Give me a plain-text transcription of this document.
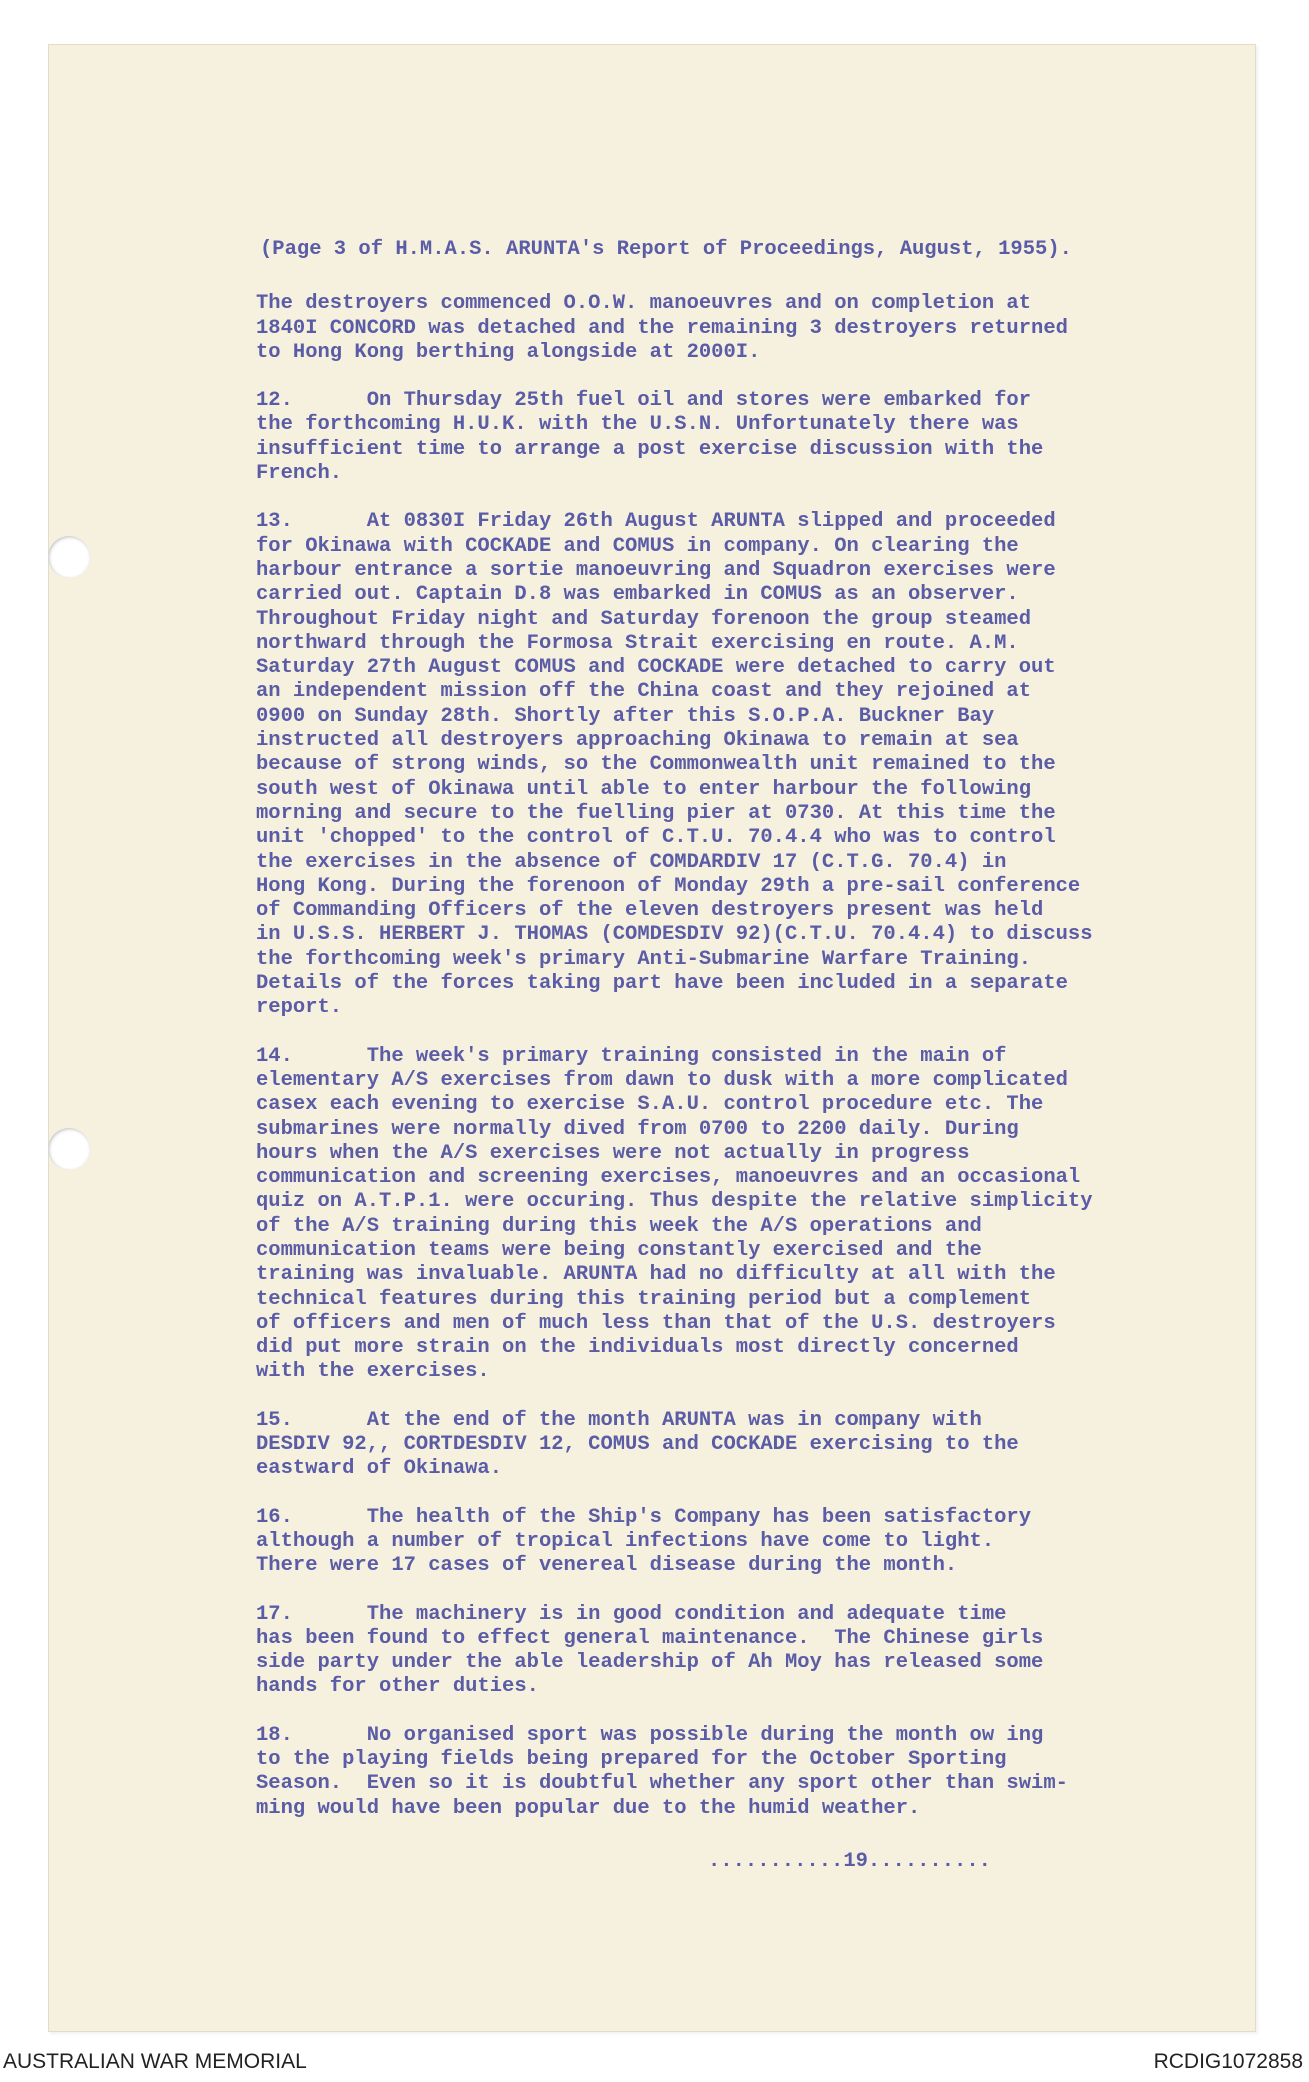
(Page 3 of H.M.A.S. ARUNTA's Report of Proceedings, August, 1955).
The destroyers commenced O.O.W. manoeuvres and on completion at
1840I CONCORD was detached and the remaining 3 destroyers returned
to Hong Kong berthing alongside at 2000I.
12.      On Thursday 25th fuel oil and stores were embarked for
the forthcoming H.U.K. with the U.S.N. Unfortunately there was
insufficient time to arrange a post exercise discussion with the
French.
13.      At 0830I Friday 26th August ARUNTA slipped and proceeded
for Okinawa with COCKADE and COMUS in company. On clearing the
harbour entrance a sortie manoeuvring and Squadron exercises were
carried out. Captain D.8 was embarked in COMUS as an observer.
Throughout Friday night and Saturday forenoon the group steamed
northward through the Formosa Strait exercising en route. A.M.
Saturday 27th August COMUS and COCKADE were detached to carry out
an independent mission off the China coast and they rejoined at
0900 on Sunday 28th. Shortly after this S.O.P.A. Buckner Bay
instructed all destroyers approaching Okinawa to remain at sea
because of strong winds, so the Commonwealth unit remained to the
south west of Okinawa until able to enter harbour the following
morning and secure to the fuelling pier at 0730. At this time the
unit 'chopped' to the control of C.T.U. 70.4.4 who was to control
the exercises in the absence of COMDARDIV 17 (C.T.G. 70.4) in
Hong Kong. During the forenoon of Monday 29th a pre-sail conference
of Commanding Officers of the eleven destroyers present was held
in U.S.S. HERBERT J. THOMAS (COMDESDIV 92)(C.T.U. 70.4.4) to discuss
the forthcoming week's primary Anti-Submarine Warfare Training.
Details of the forces taking part have been included in a separate
report.
14.      The week's primary training consisted in the main of
elementary A/S exercises from dawn to dusk with a more complicated
casex each evening to exercise S.A.U. control procedure etc. The
submarines were normally dived from 0700 to 2200 daily. During
hours when the A/S exercises were not actually in progress
communication and screening exercises, manoeuvres and an occasional
quiz on A.T.P.1. were occuring. Thus despite the relative simplicity
of the A/S training during this week the A/S operations and
communication teams were being constantly exercised and the
training was invaluable. ARUNTA had no difficulty at all with the
technical features during this training period but a complement
of officers and men of much less than that of the U.S. destroyers
did put more strain on the individuals most directly concerned
with the exercises.
15.      At the end of the month ARUNTA was in company with
DESDIV 92,, CORTDESDIV 12, COMUS and COCKADE exercising to the
eastward of Okinawa.
16.      The health of the Ship's Company has been satisfactory
although a number of tropical infections have come to light.
There were 17 cases of venereal disease during the month.
17.      The machinery is in good condition and adequate time
has been found to effect general maintenance.  The Chinese girls
side party under the able leadership of Ah Moy has released some
hands for other duties.
18.      No organised sport was possible during the month ow ing
to the playing fields being prepared for the October Sporting
Season.  Even so it is doubtful whether any sport other than swim-
ming would have been popular due to the humid weather.
...........19..........
AUSTRALIAN WAR MEMORIAL	RCDIG1072858
